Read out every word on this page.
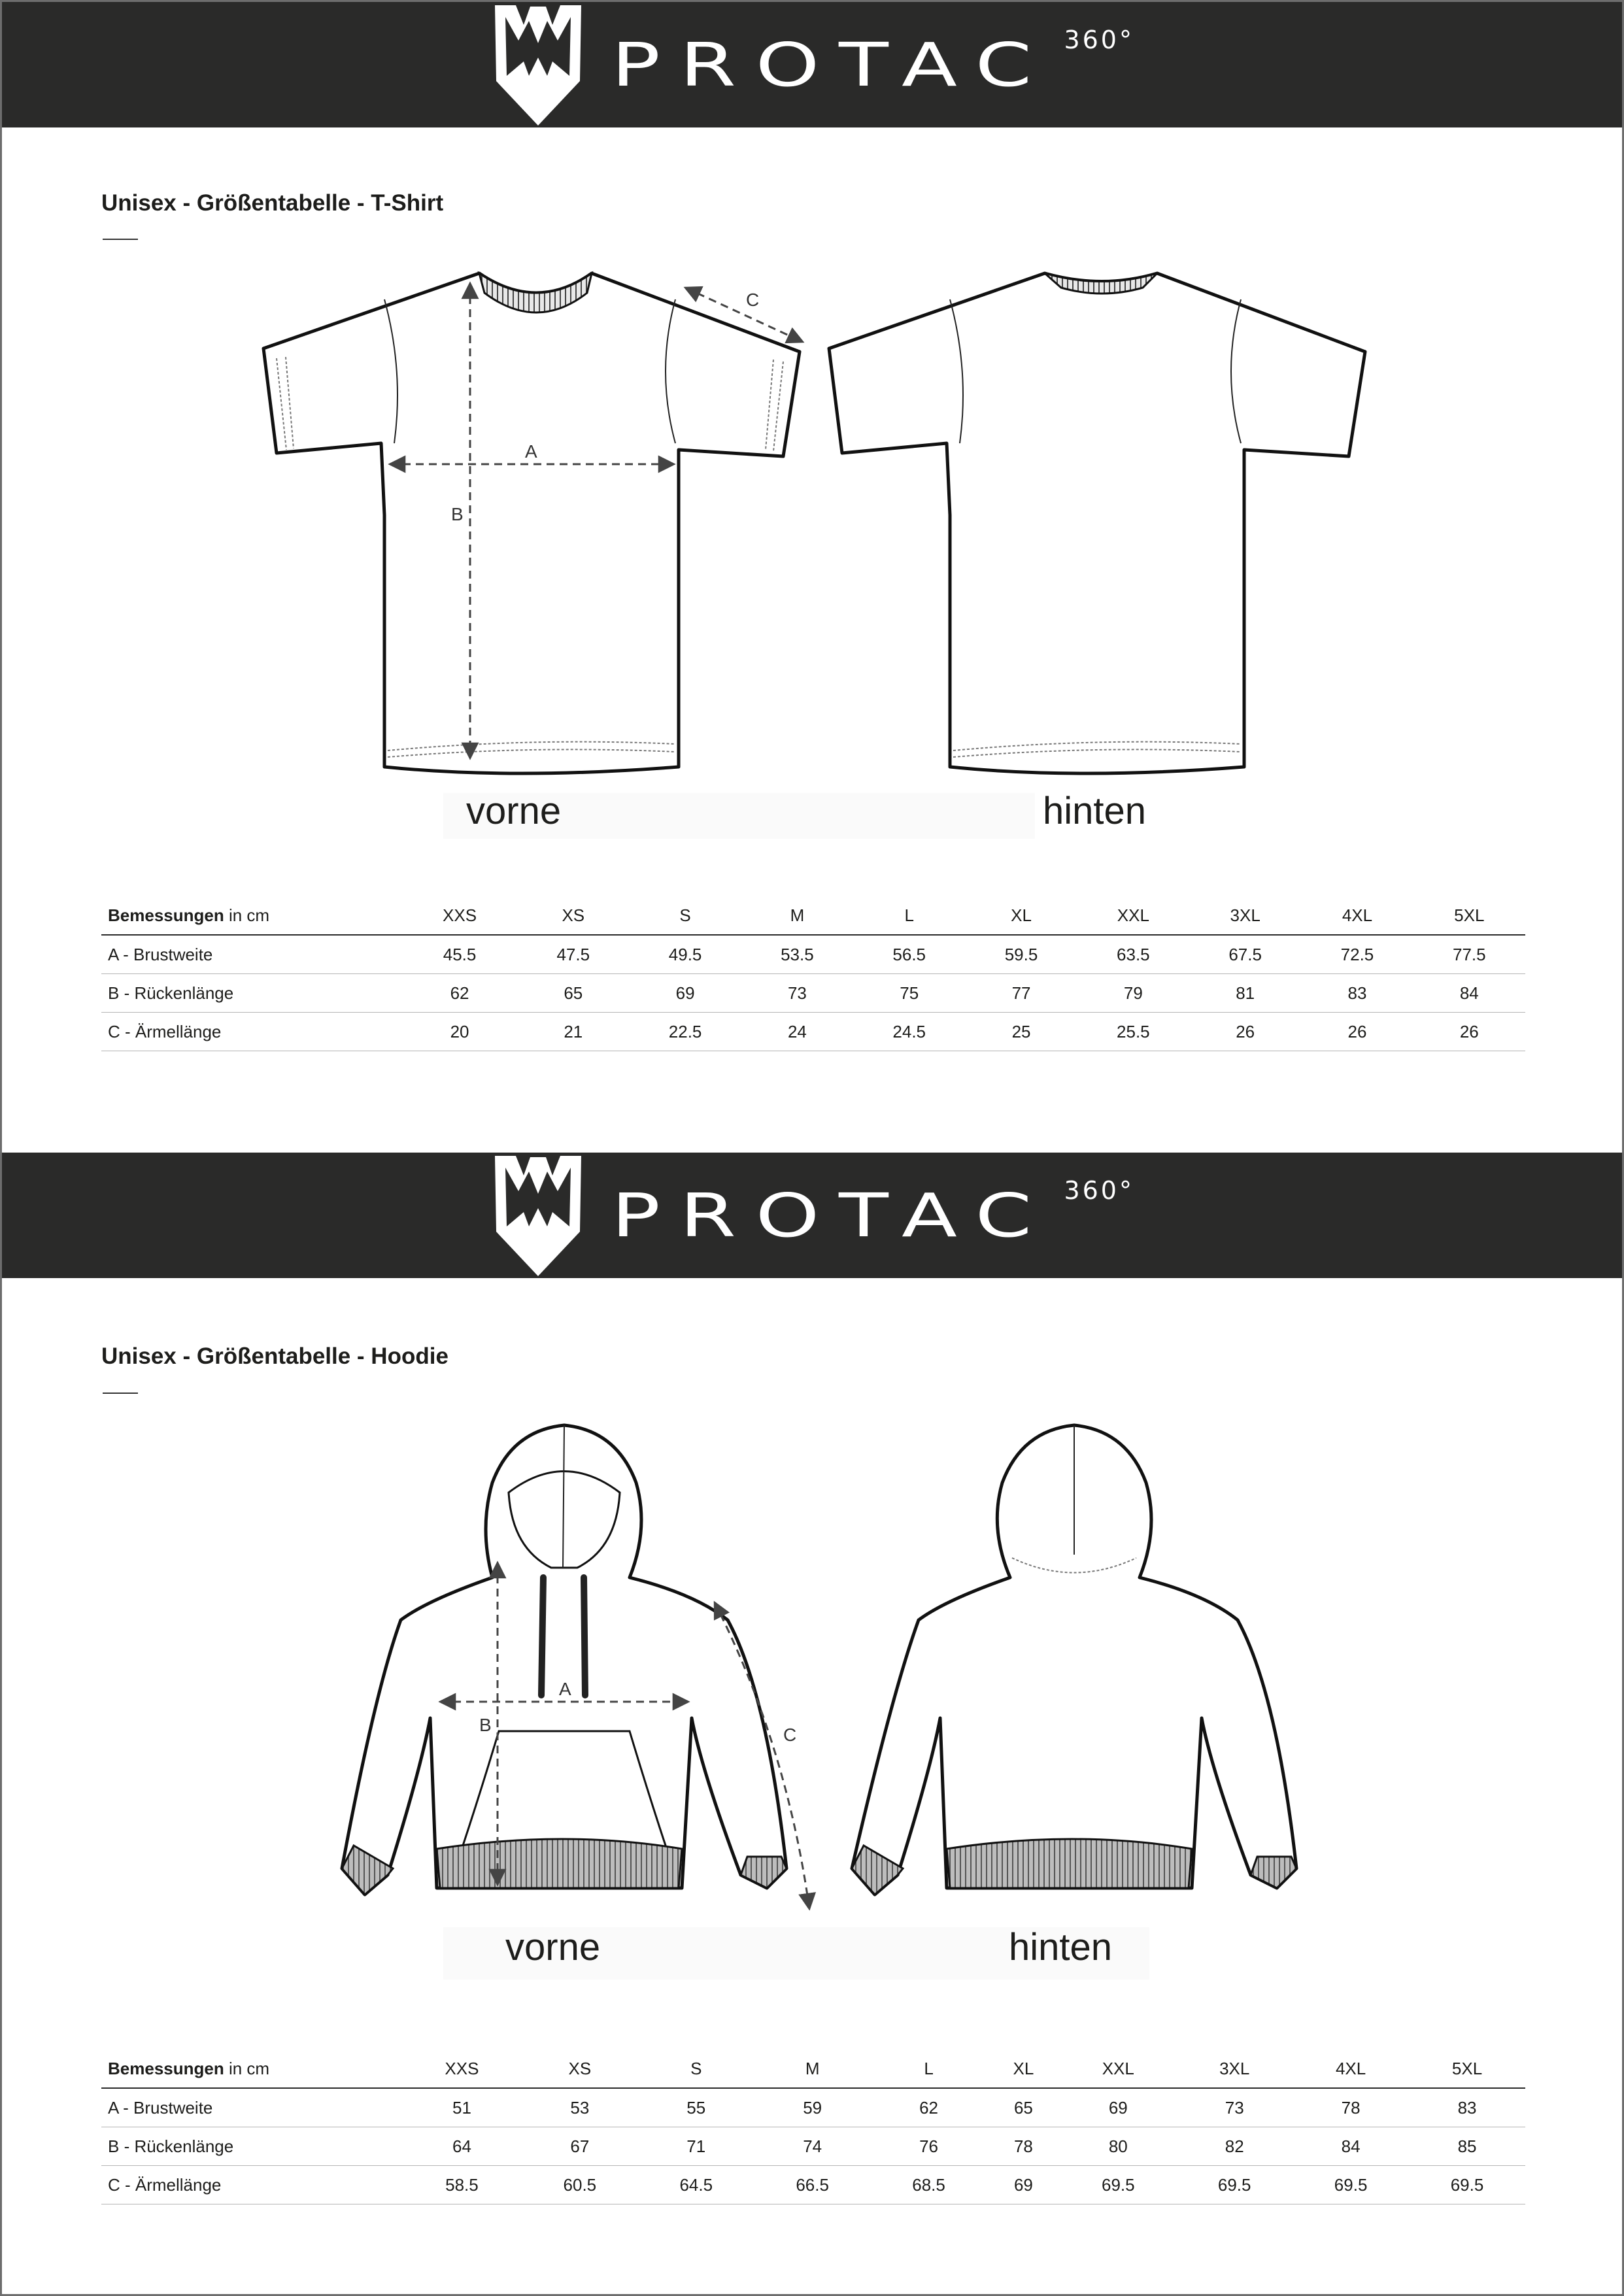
PROTAC 360°
Unisex - Größentabelle - T-Shirt
A
B
C
vorne	hinten
Bemessungen in cm	XXS	XS	S	M	L	XL	XXL	3XL	4XL	5XL
A - Brustweite	45.5	47.5	49.5	53.5	56.5	59.5	63.5	67.5	72.5	77.5
B - Rückenlänge	62	65	69	73	75	77	79	81	83	84
C - Ärmellänge	20	21	22.5	24	24.5	25	25.5	26	26	26
PROTAC 360°
Unisex - Größentabelle - Hoodie
A
B	C
vorne	hinten
Bemessungen in cm	XXS	XS	S	M	L	XL	XXL	3XL	4XL	5XL
A - Brustweite	51	53	55	59	62	65	69	73	78	83
B - Rückenlänge	64	67	71	74	76	78	80	82	84	85
C - Ärmellänge	58.5	60.5	64.5	66.5	68.5	69	69.5	69.5	69.5	69.5
